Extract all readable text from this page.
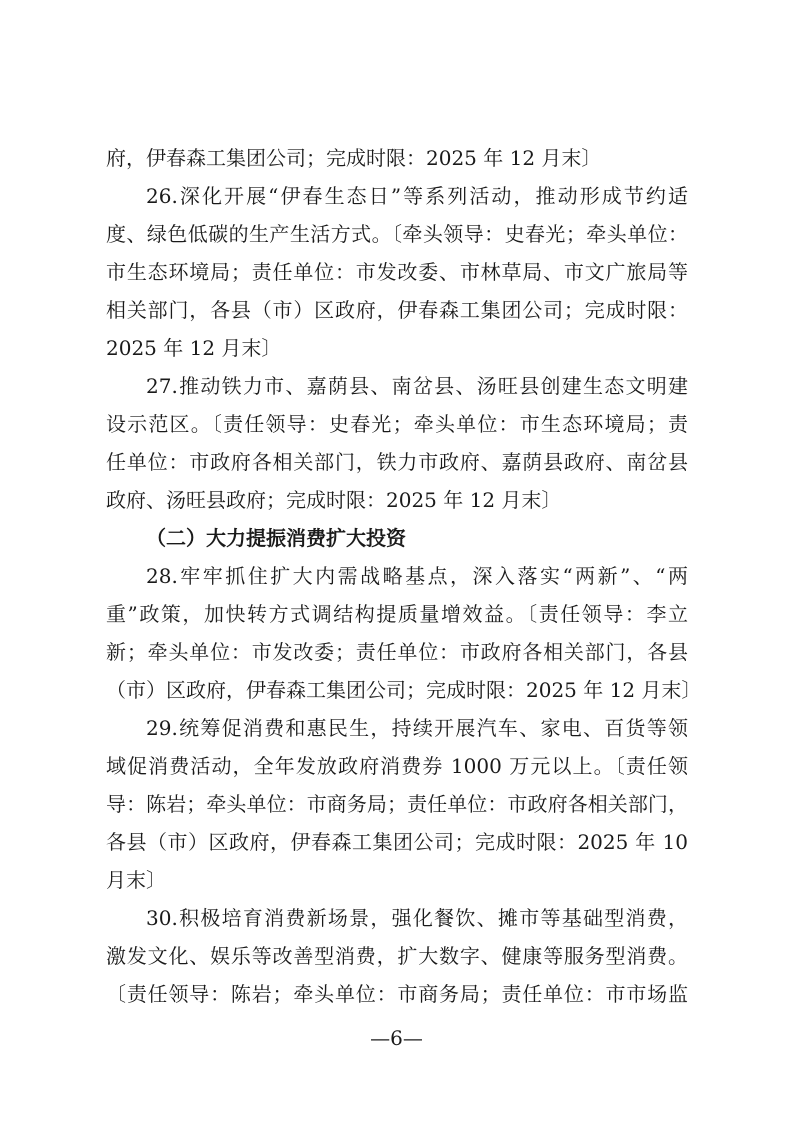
府，伊春森工集团公司；完成时限：2025 年 12 月末〕
26.深化开展“伊春生态日”等系列活动，推动形成节约适
度、绿色低碳的生产生活方式。〔牵头领导：史春光；牵头单位：
市生态环境局；责任单位：市发改委、市林草局、市文广旅局等
相关部门，各县（市）区政府，伊春森工集团公司；完成时限：
2025 年 12 月末〕
27.推动铁力市、嘉荫县、南岔县、汤旺县创建生态文明建
设示范区。〔责任领导：史春光；牵头单位：市生态环境局；责
任单位：市政府各相关部门，铁力市政府、嘉荫县政府、南岔县
政府、汤旺县政府；完成时限：2025 年 12 月末〕
（二）大力提振消费扩大投资
28.牢牢抓住扩大内需战略基点，深入落实“两新”、“两
重”政策，加快转方式调结构提质量增效益。〔责任领导：李立
新；牵头单位：市发改委；责任单位：市政府各相关部门，各县
（市）区政府，伊春森工集团公司；完成时限：2025 年 12 月末〕
29.统筹促消费和惠民生，持续开展汽车、家电、百货等领
域促消费活动，全年发放政府消费券 1000 万元以上。〔责任领
导：陈岩；牵头单位：市商务局；责任单位：市政府各相关部门，
各县（市）区政府，伊春森工集团公司；完成时限：2025 年 10
月末〕
30.积极培育消费新场景，强化餐饮、摊市等基础型消费，
激发文化、娱乐等改善型消费，扩大数字、健康等服务型消费。
〔责任领导：陈岩；牵头单位：市商务局；责任单位：市市场监
—6—
